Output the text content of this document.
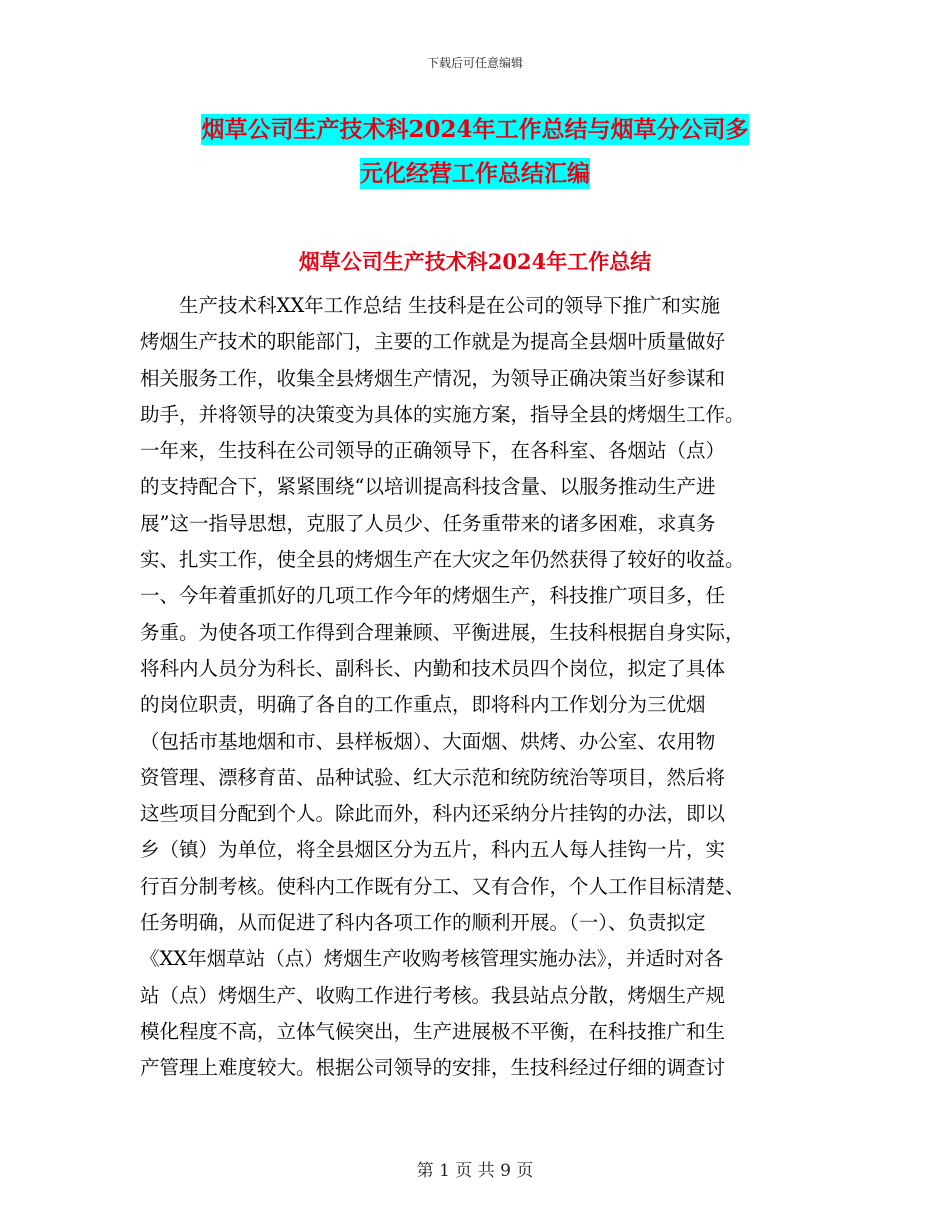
下载后可任意编辑
烟草公司生产技术科2024年工作总结与烟草分公司多
元化经营工作总结汇编
烟草公司生产技术科2024年工作总结
　　生产技术科XX年工作总结 生技科是在公司的领导下推广和实施
烤烟生产技术的职能部门，主要的工作就是为提高全县烟叶质量做好
相关服务工作，收集全县烤烟生产情况，为领导正确决策当好参谋和
助手，并将领导的决策变为具体的实施方案，指导全县的烤烟生工作。
一年来，生技科在公司领导的正确领导下，在各科室、各烟站（点）
的支持配合下，紧紧围绕“以培训提高科技含量、以服务推动生产进
展”这一指导思想，克服了人员少、任务重带来的诸多困难，求真务
实、扎实工作，使全县的烤烟生产在大灾之年仍然获得了较好的收益。
一、今年着重抓好的几项工作今年的烤烟生产，科技推广项目多，任
务重。为使各项工作得到合理兼顾、平衡进展，生技科根据自身实际，
将科内人员分为科长、副科长、内勤和技术员四个岗位，拟定了具体
的岗位职责，明确了各自的工作重点，即将科内工作划分为三优烟
（包括市基地烟和市、县样板烟）、大面烟、烘烤、办公室、农用物
资管理、漂移育苗、品种试验、红大示范和统防统治等项目，然后将
这些项目分配到个人。除此而外，科内还采纳分片挂钩的办法，即以
乡（镇）为单位，将全县烟区分为五片，科内五人每人挂钩一片，实
行百分制考核。使科内工作既有分工、又有合作，个人工作目标清楚、
任务明确，从而促进了科内各项工作的顺利开展。（一）、负责拟定
《XX年烟草站（点）烤烟生产收购考核管理实施办法》，并适时对各
站（点）烤烟生产、收购工作进行考核。我县站点分散，烤烟生产规
模化程度不高，立体气候突出，生产进展极不平衡，在科技推广和生
产管理上难度较大。根据公司领导的安排，生技科经过仔细的调查讨
第 1 页 共 9 页
